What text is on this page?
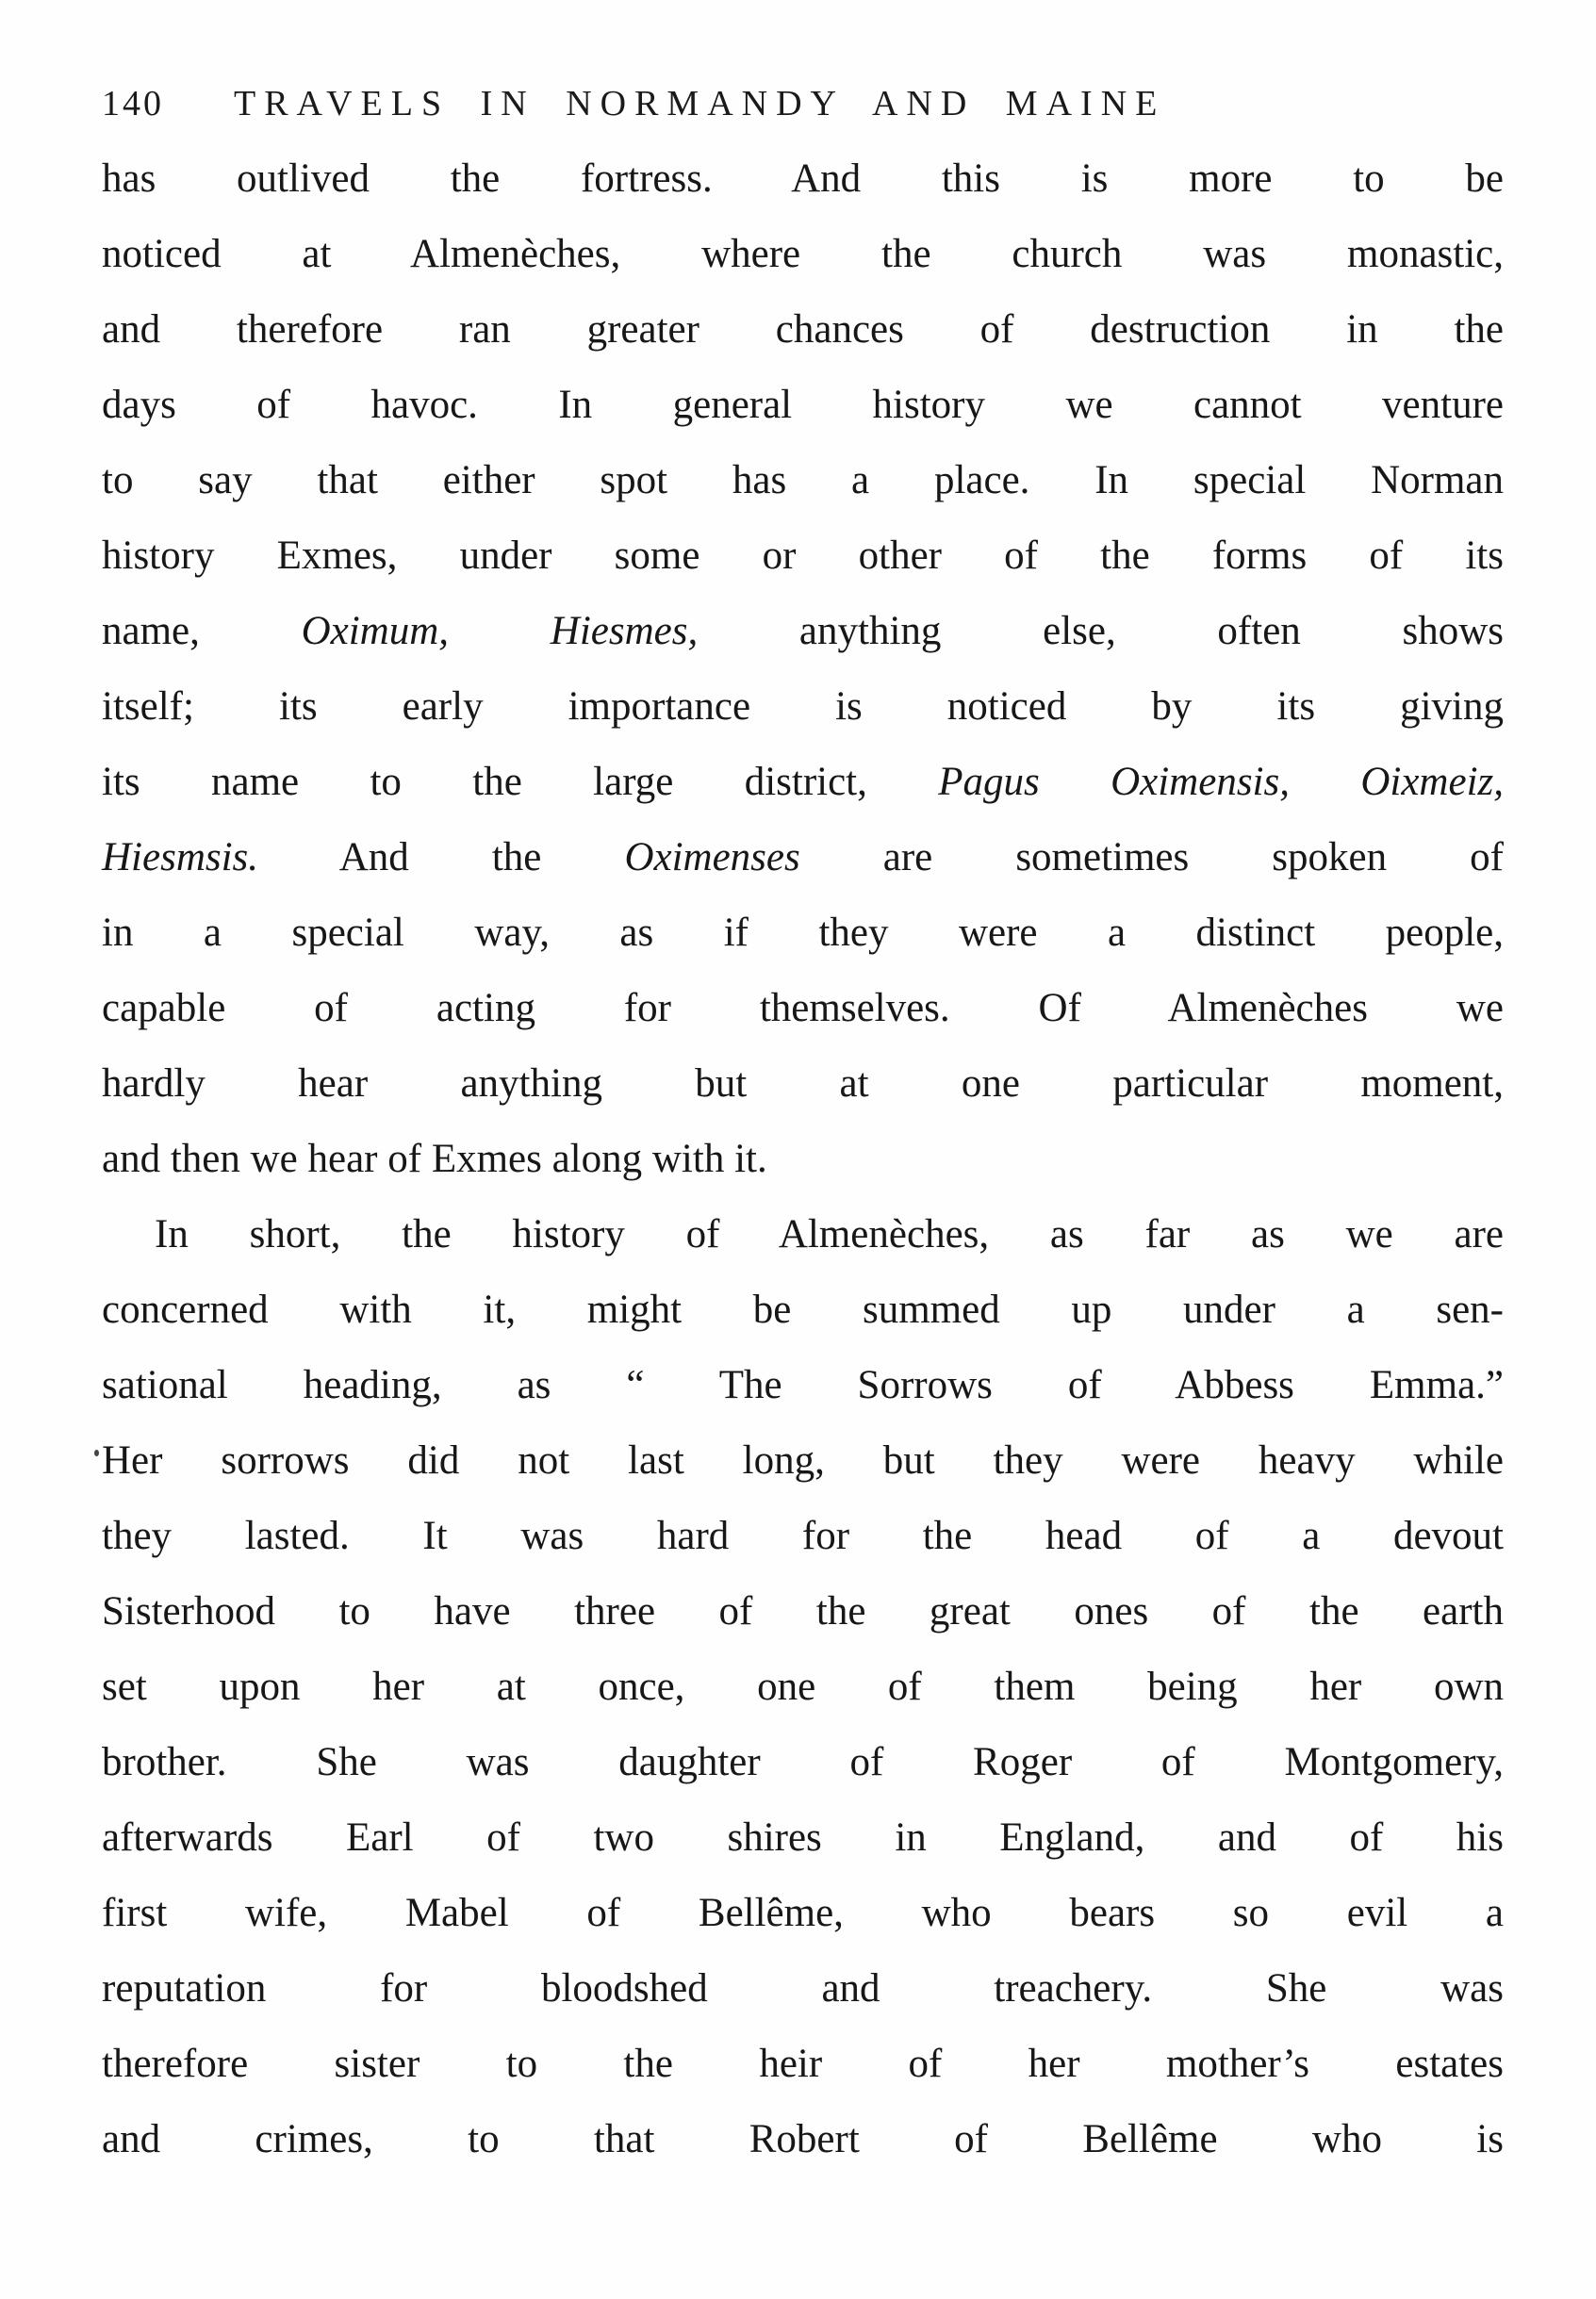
140 TRAVELS IN NORMANDY AND MAINE
has outlived the fortress. And this is more to be
noticed at Almenèches, where the church was monastic,
and therefore ran greater chances of destruction in the
days of havoc. In general history we cannot venture
to say that either spot has a place. In special Norman
history Exmes, under some or other of the forms of its
name, Oximum,	Hiesmes, anything else, often shows
itself; its early importance is noticed by its giving
its name to the large district, Pagus Oximensis, Oixmeiz,
Hiesmsis. And the Oximenses are sometimes spoken of
in a special way, as if they were a distinct people,
capable of acting for themselves. Of Almenèches we
hardly hear anything but at one particular moment,
and then we hear of Exmes along with it.
In short, the history of Almenèches, as far as we are
concerned with it, might be summed up under a sen-
sational heading, as “ The Sorrows of Abbess Emma.”
Her sorrows did not last long, but they were heavy while
they lasted. It was hard for the head of a devout
Sisterhood to have three of the great ones of the earth
set upon her at once, one of them being her own
brother. She was daughter of Roger of Montgomery,
afterwards Earl of two shires in England, and of his
first wife, Mabel of Bellême, who bears so evil a
reputation for bloodshed and treachery. She was
therefore sister to the heir of her mother’s estates
and crimes, to that Robert of Bellême who is
